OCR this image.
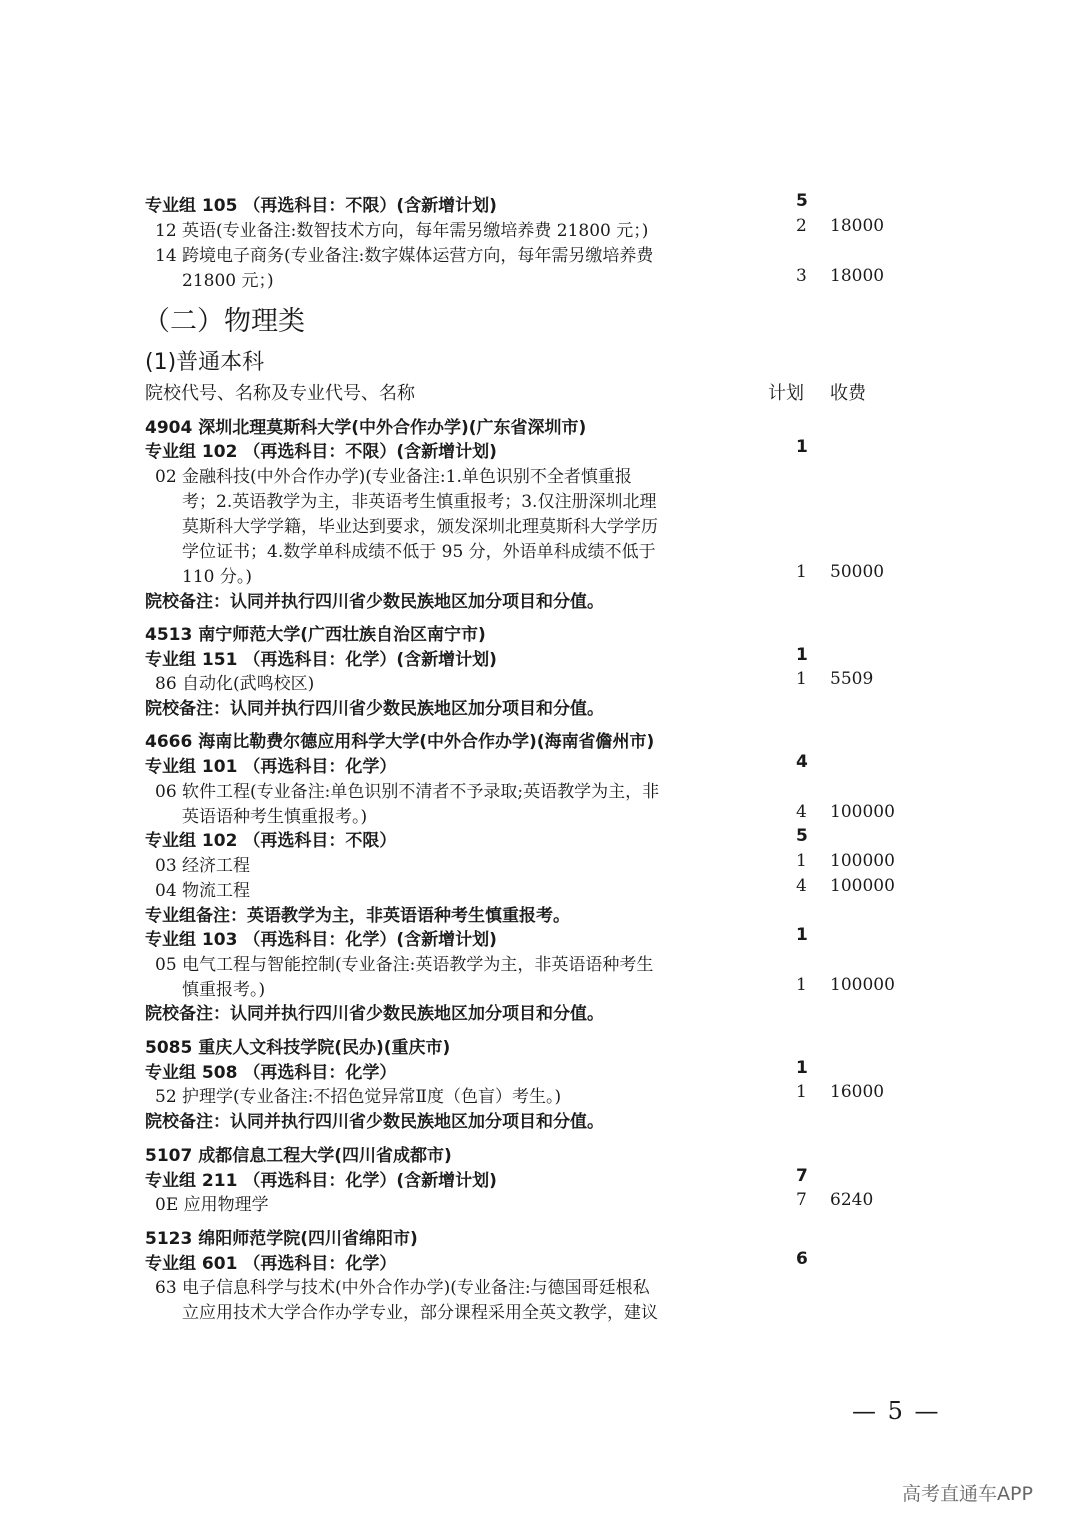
专业组 105 （再选科目：不限）(含新增计划)	5
12 英语(专业备注:数智技术方向，每年需另缴培养费 21800 元；)	2 18000
14 跨境电子商务(专业备注:数字媒体运营方向，每年需另缴培养费
21800 元；)	3 18000
（二）物理类
(1)普通本科
院校代号、名称及专业代号、名称	计划 收费
4904 深圳北理莫斯科大学(中外合作办学)(广东省深圳市)
专业组 102 （再选科目：不限）(含新增计划)	1
02 金融科技(中外合作办学)(专业备注:1.单色识别不全者慎重报
考；2.英语教学为主，非英语考生慎重报考；3.仅注册深圳北理
莫斯科大学学籍，毕业达到要求，颁发深圳北理莫斯科大学学历
学位证书；4.数学单科成绩不低于 95 分，外语单科成绩不低于
110 分。)	1 50000
院校备注：认同并执行四川省少数民族地区加分项目和分值。
4513 南宁师范大学(广西壮族自治区南宁市)
专业组 151 （再选科目：化学）(含新增计划)	1
86 自动化(武鸣校区)	1 5509
院校备注：认同并执行四川省少数民族地区加分项目和分值。
4666 海南比勒费尔德应用科学大学(中外合作办学)(海南省儋州市)
专业组 101 （再选科目：化学）	4
06 软件工程(专业备注:单色识别不清者不予录取;英语教学为主，非
英语语种考生慎重报考。)	4 100000
专业组 102 （再选科目：不限）	5
03 经济工程	1 100000
04 物流工程	4 100000
专业组备注：英语教学为主，非英语语种考生慎重报考。
专业组 103 （再选科目：化学）(含新增计划)	1
05 电气工程与智能控制(专业备注:英语教学为主，非英语语种考生
慎重报考。)	1 100000
院校备注：认同并执行四川省少数民族地区加分项目和分值。
5085 重庆人文科技学院(民办)(重庆市)
专业组 508 （再选科目：化学）	1
52 护理学(专业备注:不招色觉异常Ⅱ度（色盲）考生。)	1 16000
院校备注：认同并执行四川省少数民族地区加分项目和分值。
5107 成都信息工程大学(四川省成都市)
专业组 211 （再选科目：化学）(含新增计划)	7
0E 应用物理学	7 6240
5123 绵阳师范学院(四川省绵阳市)
专业组 601 （再选科目：化学）	6
63 电子信息科学与技术(中外合作办学)(专业备注:与德国哥廷根私
立应用技术大学合作办学专业，部分课程采用全英文教学，建议
— 5 —
高考直通车APP
